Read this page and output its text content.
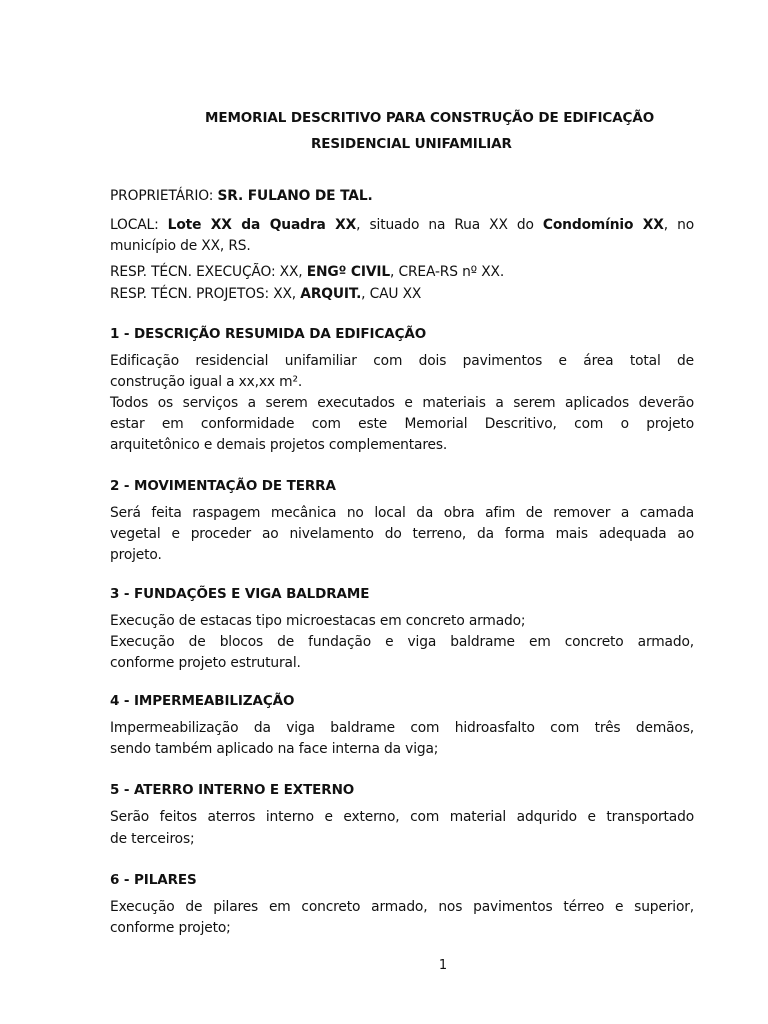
MEMORIAL DESCRITIVO PARA CONSTRUÇÃO DE EDIFICAÇÃO
RESIDENCIAL UNIFAMILIAR
PROPRIETÁRIO: SR. FULANO DE TAL.
LOCAL: Lote XX da Quadra XX, situado na Rua XX do Condomínio XX, no
município de XX, RS.
RESP. TÉCN. EXECUÇÃO: XX, ENGº CIVIL, CREA-RS nº XX.
RESP. TÉCN. PROJETOS: XX, ARQUIT., CAU XX
1 - DESCRIÇÃO RESUMIDA DA EDIFICAÇÃO
Edificação residencial unifamiliar com dois pavimentos e área total de
construção igual a xx,xx m².
Todos os serviços a serem executados e materiais a serem aplicados deverão
estar em conformidade com este Memorial Descritivo, com o projeto
arquitetônico e demais projetos complementares.
2 - MOVIMENTAÇÃO DE TERRA
Será feita raspagem mecânica no local da obra afim de remover a camada
vegetal e proceder ao nivelamento do terreno, da forma mais adequada ao
projeto.
3 - FUNDAÇÕES E VIGA BALDRAME
Execução de estacas tipo microestacas em concreto armado;
Execução de blocos de fundação e viga baldrame em concreto armado,
conforme projeto estrutural.
4 - IMPERMEABILIZAÇÃO
Impermeabilização da viga baldrame com hidroasfalto com três demãos,
sendo também aplicado na face interna da viga;
5 - ATERRO INTERNO E EXTERNO
Serão feitos aterros interno e externo, com material adqurido e transportado
de terceiros;
6 - PILARES
Execução de pilares em concreto armado, nos pavimentos térreo e superior,
conforme projeto;
1
